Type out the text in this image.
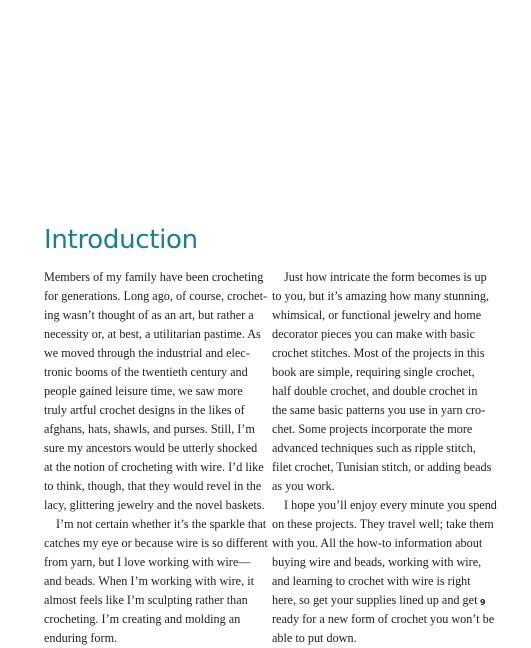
Introduction
Members of my family have been crocheting
for generations. Long ago, of course, crochet-
ing wasn’t thought of as an art, but rather a
necessity or, at best, a utilitarian pastime. As
we moved through the industrial and elec-
tronic booms of the twentieth century and
people gained leisure time, we saw more
truly artful crochet designs in the likes of
afghans, hats, shawls, and purses. Still, I’m
sure my ancestors would be utterly shocked
at the notion of crocheting with wire. I’d like
to think, though, that they would revel in the
lacy, glittering jewelry and the novel baskets.
I’m not certain whether it’s the sparkle that
catches my eye or because wire is so different
from yarn, but I love working with wire—
and beads. When I’m working with wire, it
almost feels like I’m sculpting rather than
crocheting. I’m creating and molding an
enduring form.
Just how intricate the form becomes is up
to you, but it’s amazing how many stunning,
whimsical, or functional jewelry and home
decorator pieces you can make with basic
crochet stitches. Most of the projects in this
book are simple, requiring single crochet,
half double crochet, and double crochet in
the same basic patterns you use in yarn cro-
chet. Some projects incorporate the more
advanced techniques such as ripple stitch,
filet crochet, Tunisian stitch, or adding beads
as you work.
I hope you’ll enjoy every minute you spend
on these projects. They travel well; take them
with you. All the how-to information about
buying wire and beads, working with wire,
and learning to crochet with wire is right
here, so get your supplies lined up and get
ready for a new form of crochet you won’t be
able to put down.
9
